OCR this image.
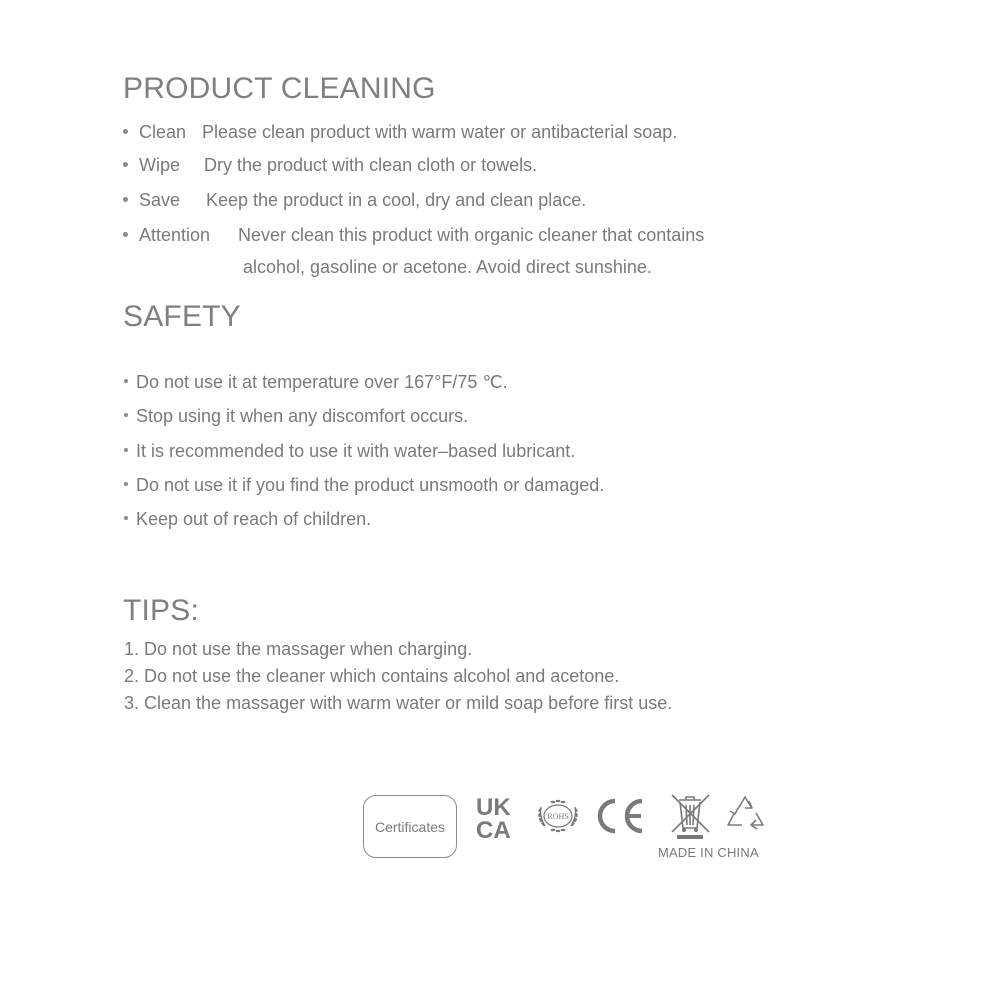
PRODUCT CLEANING
Clean Please clean product with warm water or antibacterial soap.
Wipe Dry the product with clean cloth or towels.
Save Keep the product in a cool, dry and clean place.
Attention Never clean this product with organic cleaner that contains
alcohol, gasoline or acetone. Avoid direct sunshine.
SAFETY
Do not use it at temperature over 167°F/75 ℃.
Stop using it when any discomfort occurs.
It is recommended to use it with water–based lubricant.
Do not use it if you find the product unsmooth or damaged.
Keep out of reach of children.
TIPS:
1. Do not use the massager when charging.
2. Do not use the cleaner which contains alcohol and acetone.
3. Clean the massager with warm water or mild soap before first use.
Certificates
UK
CA
ROHS
MADE IN CHINA
